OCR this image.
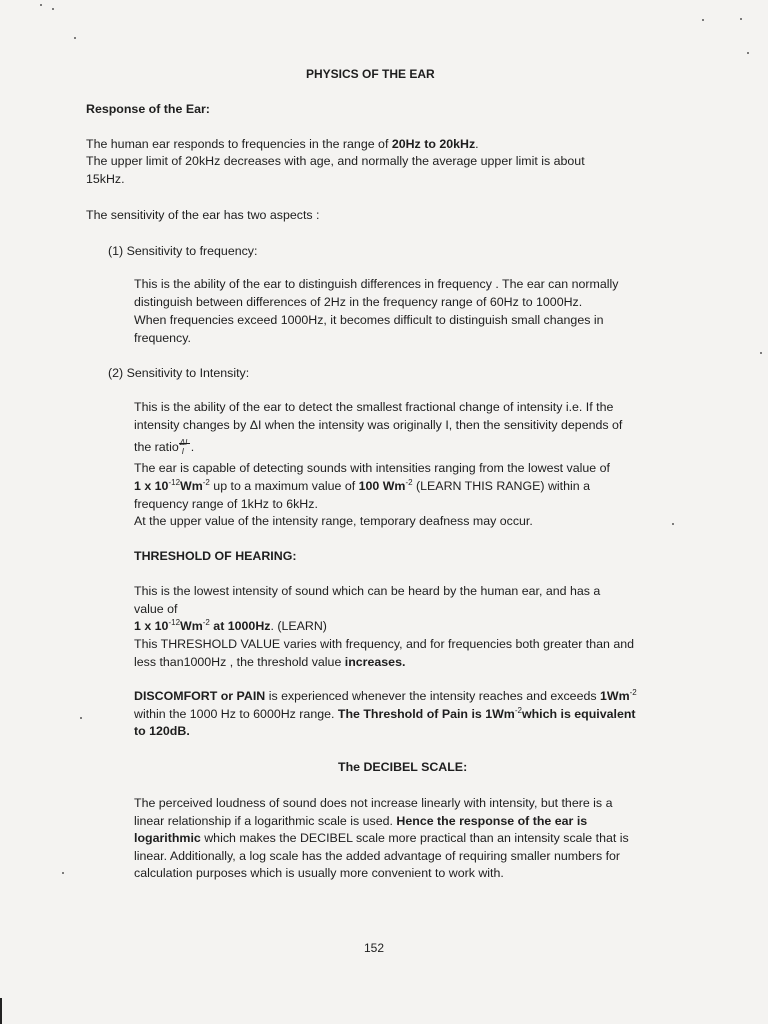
PHYSICS OF THE EAR
Response of the Ear:
The human ear responds to frequencies in the range of 20Hz to 20kHz.
The upper limit of 20kHz decreases with age, and normally the average upper limit is about
15kHz.
The sensitivity of the ear has two aspects :
(1) Sensitivity to frequency:
This is the ability of the ear to distinguish differences in frequency . The ear can normally
distinguish between differences of 2Hz in the frequency range of 60Hz to 1000Hz.
When frequencies exceed 1000Hz, it becomes difficult to distinguish small changes in
frequency.
(2) Sensitivity to Intensity:
This is the ability of the ear to detect the smallest fractional change of intensity i.e. If the
intensity changes by ΔI when the intensity was originally I, then the sensitivity depends of
the ratio ΔI
I .
The ear is capable of detecting sounds with intensities ranging from the lowest value of
1 x $10^{-12}Wm^{-2}$ up to a maximum value of 100 $Wm^{-2}$ (LEARN THIS RANGE) within a
frequency range of 1kHz to 6kHz.
At the upper value of the intensity range, temporary deafness may occur.
THRESHOLD OF HEARING:
This is the lowest intensity of sound which can be heard by the human ear, and has a
value of
1 x $10^{-12}Wm^{-2}$ at 1000Hz. (LEARN)
This THRESHOLD VALUE varies with frequency, and for frequencies both greater than and
less than1000Hz , the threshold value increases.
DISCOMFORT or PAIN is experienced whenever the intensity reaches and exceeds $1Wm^{-2}$
within the 1000 Hz to 6000Hz range. The Threshold of Pain is $1Wm^{-2}which$ is equivalent
to 120dB.
The DECIBEL SCALE:
The perceived loudness of sound does not increase linearly with intensity, but there is a
linear relationship if a logarithmic scale is used. Hence the response of the ear is
logarithmic which makes the DECIBEL scale more practical than an intensity scale that is
linear. Additionally, a log scale has the added advantage of requiring smaller numbers for
calculation purposes which is usually more convenient to work with.
152
